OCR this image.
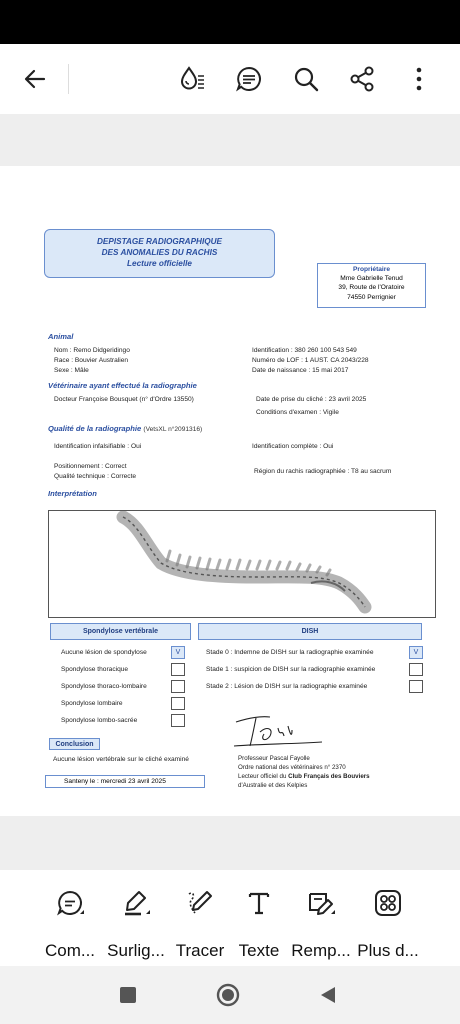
DEPISTAGE RADIOGRAPHIQUE
DES ANOMALIES DU RACHIS
Lecture officielle
Propriétaire
Mme Gabrielle Tenud
39, Route de l'Oratoire
74550 Perrignier
Animal
Nom : Remo Didgeridingo
Race : Bouvier Australien
Sexe : Mâle
Identification : 380 260 100 543 549
Numéro de LOF : 1 AUST. CA 2043/228
Date de naissance : 15 mai 2017
Vétérinaire ayant effectué la radiographie
Docteur Françoise Bousquet (n° d'Ordre 13550)	Date de prise du cliché : 23 avril 2025
Conditions d'examen : Vigile
Qualité de la radiographie (VetsXL n°2091316)
Identification infalsifiable : Oui	Identification complète : Oui
Positionnement : Correct
Qualité technique : Correcte
Région du rachis radiographiée : T8 au sacrum
Interprétation
Spondylose vertébrale	DISH
Aucune lésion de spondylose	V
Spondylose thoracique
Spondylose thoraco-lombaire
Spondylose lombaire
Spondylose lombo-sacrée
Stade 0 : Indemne de DISH sur la radiographie examinée	V
Stade 1 : suspicion de DISH sur la radiographie examinée
Stade 2 : Lésion de DISH sur la radiographie examinée
Conclusion
Aucune lésion vertébrale sur le cliché examiné
Santeny le : mercredi 23 avril 2025
Professeur Pascal Fayolle
Ordre national des vétérinaires n° 2370
Lecteur officiel du Club Français des Bouviers
d'Australie et des Kelpies
Com... Surlig... Tracer Texte Remp... Plus d...
